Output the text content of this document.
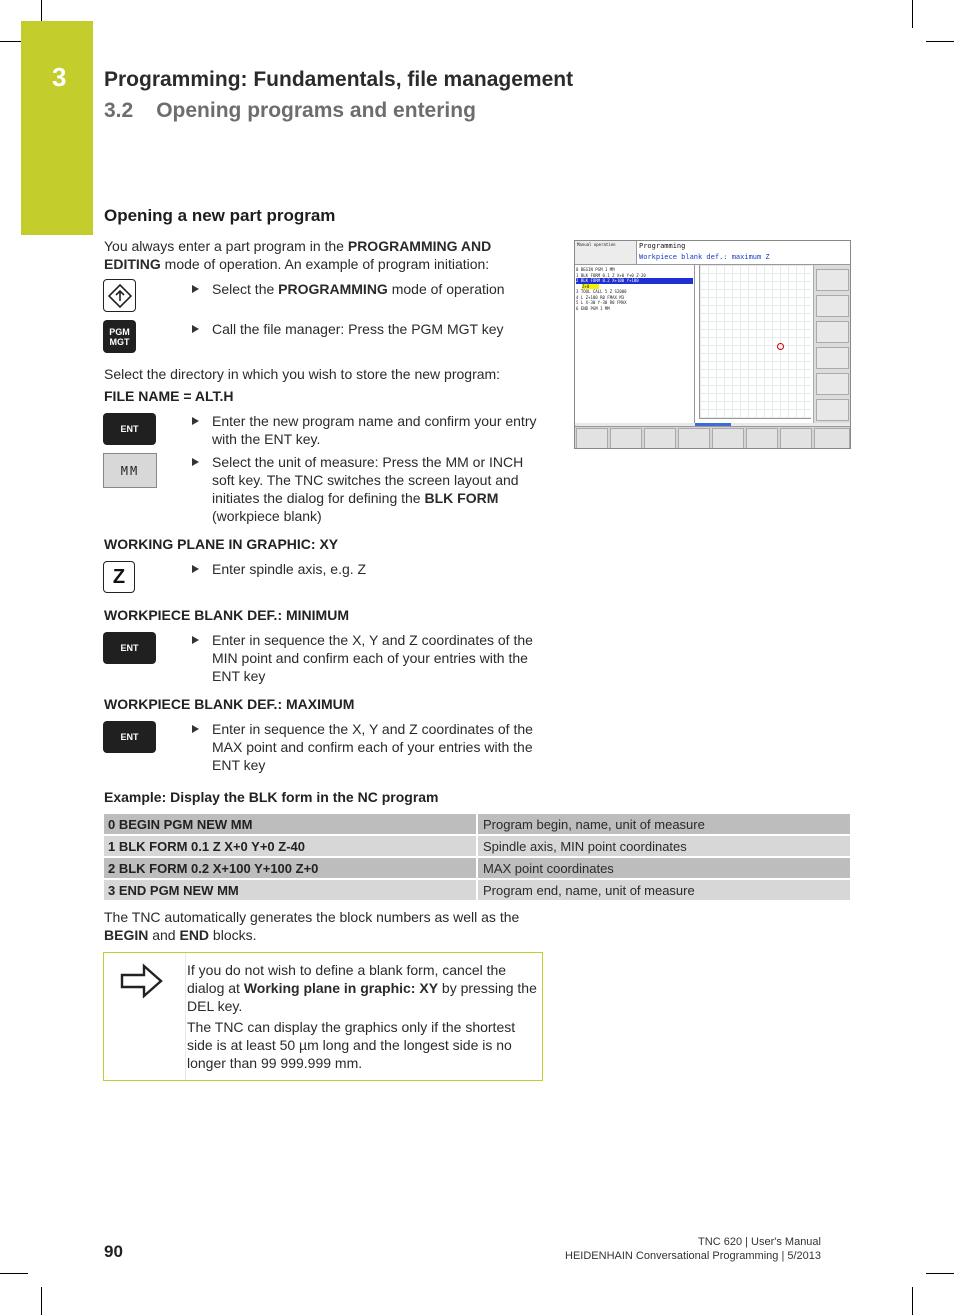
3 Programming: Fundamentals, file management
3.2 Opening programs and entering
Opening a new part program
You always enter a part program in the PROGRAMMING AND EDITING mode of operation. An example of program initiation:
Select the PROGRAMMING mode of operation
PGM
MGT
Call the file manager: Press the PGM MGT key
Select the directory in which you wish to store the new program:
FILE NAME = ALT.H
ENT	Enter the new program name and confirm your entry with the ENT key.
MM
Select the unit of measure: Press the MM or INCH soft key. The TNC switches the screen layout and initiates the dialog for defining the BLK FORM (workpiece blank)
WORKING PLANE IN GRAPHIC: XY
Z	Enter spindle axis, e.g. Z
WORKPIECE BLANK DEF.: MINIMUM
ENT	Enter in sequence the X, Y and Z coordinates of the MIN point and confirm each of your entries with the ENT key
WORKPIECE BLANK DEF.: MAXIMUM
ENT	Enter in sequence the X, Y and Z coordinates of the MAX point and confirm each of your entries with the ENT key
Example: Display the BLK form in the NC program
0 BEGIN PGM NEW MM		Program begin, name, unit of measure
1 BLK FORM 0.1 Z X+0 Y+0 Z-40		Spindle axis, MIN point coordinates
2 BLK FORM 0.2 X+100 Y+100 Z+0		MAX point coordinates
3 END PGM NEW MM		Program end, name, unit of measure
The TNC automatically generates the block numbers as well as the BEGIN and END blocks.
If you do not wish to define a blank form, cancel the dialog at Working plane in graphic: XY by pressing the DEL key.
The TNC can display the graphics only if the shortest side is at least 50 µm long and the longest side is no longer than 99 999.999 mm.
Manual operation	Programming
Workpiece blank def.: maximum Z
0 BEGIN PGM 1 MM
1 BLK FORM 0.1 Z X+0 Y+0 Z-20
2 BLK FORM 0.2 X+100 Y+100
Z+0
3 TOOL CALL 5 Z S2000
4 L Z+100 R0 FMAX M3
5 L X-30 Y-30 R0 FMAX
6 END PGM 1 MM
90	TNC 620 | User's Manual
HEIDENHAIN Conversational Programming | 5/2013
